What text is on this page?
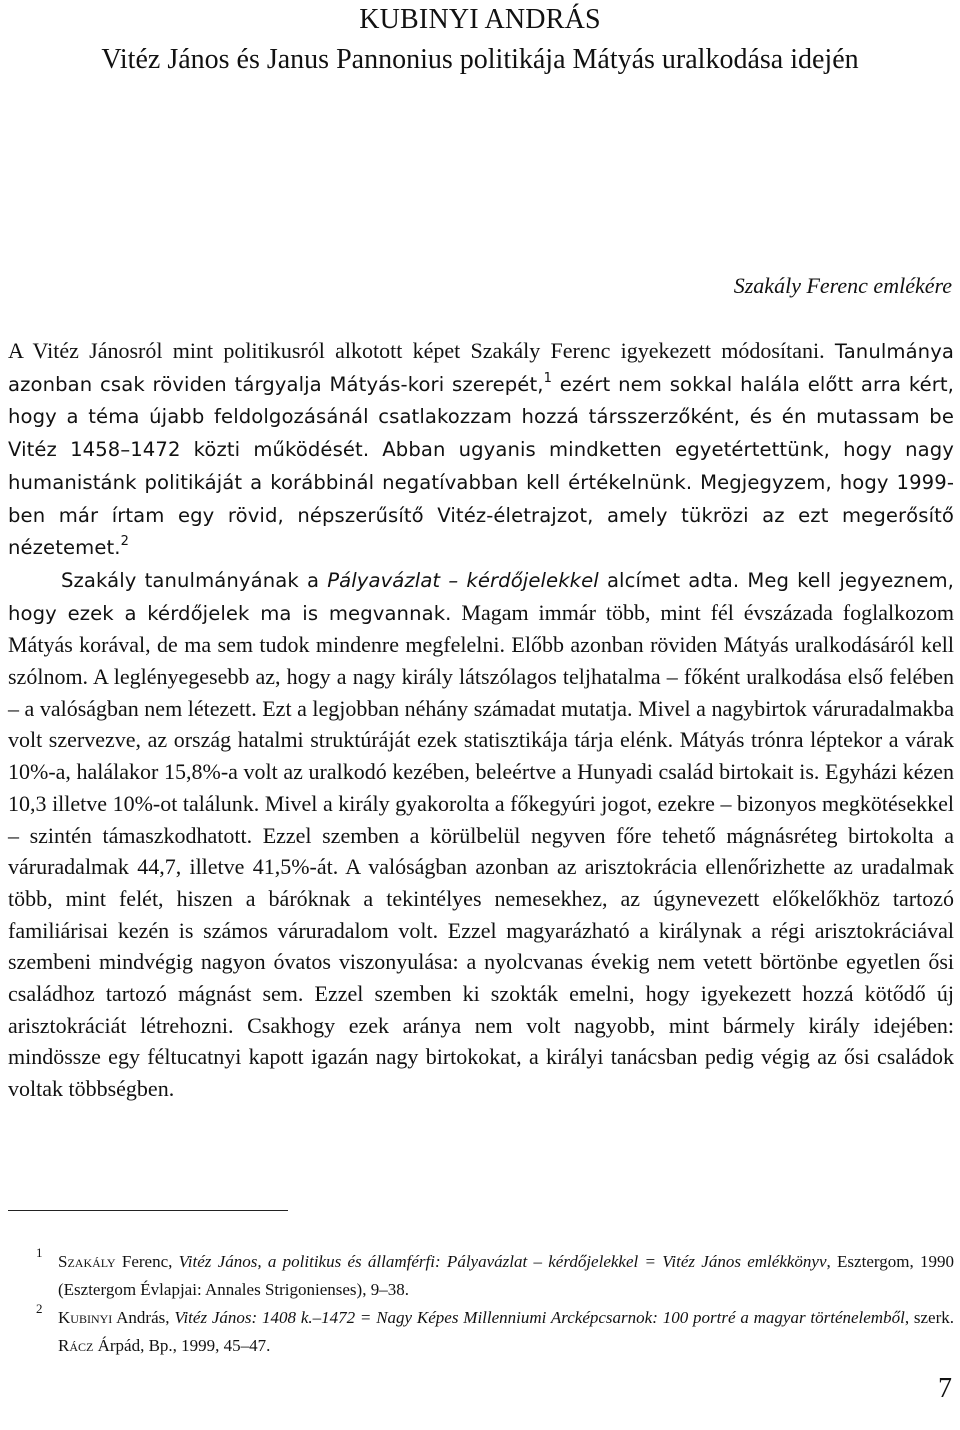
KUBINYI ANDRÁS
Vitéz János és Janus Pannonius politikája Mátyás uralkodása idején
Szakály Ferenc emlékére

A Vitéz Jánosról mint politikusról alkotott képet Szakály Ferenc igyekezett módosítani. Tanulmánya azonban csak röviden tárgyalja Mátyás-kori szerepét,$^1$ ezért nem sokkal halála előtt arra kért, hogy a téma újabb feldolgozásánál csatlakozzam hozzá társszerzőként, és én mutassam be Vitéz 1458–1472 közti működését. Abban ugyanis mindketten egyetértettünk, hogy nagy humanistánk politikáját a korábbinál negatívabban kell értékelnünk. Megjegyzem, hogy 1999-ben már írtam egy rövid, népszerűsítő Vitéz-életrajzot, amely tükrözi az ezt megerősítő nézetemet.$^2$

Szakály tanulmányának a Pályavázlat – kérdőjelekkel alcímet adta. Meg kell jegyeznem, hogy ezek a kérdőjelek ma is megvannak. Magam immár több, mint fél évszázada foglalkozom Mátyás korával, de ma sem tudok mindenre megfelelni. Előbb azonban röviden Mátyás uralkodásáról kell szólnom. A leglényegesebb az, hogy a nagy király látszólagos teljhatalma – főként uralkodása első felében – a valóságban nem létezett. Ezt a legjobban néhány számadat mutatja. Mivel a nagybirtok váruradalmakba volt szervezve, az ország hatalmi struktúráját ezek statisztikája tárja elénk. Mátyás trónra léptekor a várak 10%-a, halálakor 15,8%-a volt az uralkodó kezében, beleértve a Hunyadi család birtokait is. Egyházi kézen 10,3 illetve 10%-ot találunk. Mivel a király gyakorolta a főkegyúri jogot, ezekre – bizonyos megkötésekkel – szintén támaszkodhatott. Ezzel szemben a körülbelül negyven főre tehető mágnásréteg birtokolta a váruradalmak 44,7, illetve 41,5%-át. A valóságban azonban az arisztokrácia ellenőrizhette az uradalmak több, mint felét, hiszen a báróknak a tekintélyes nemesekhez, az úgynevezett előkelőkhöz tartozó familiárisai kezén is számos váruradalom volt. Ezzel magyarázható a királynak a régi arisztokráciával szembeni mindvégig nagyon óvatos viszonyulása: a nyolcvanas évekig nem vetett börtönbe egyetlen ősi családhoz tartozó mágnást sem. Ezzel szemben ki szokták emelni, hogy igyekezett hozzá kötődő új arisztokráciát létrehozni. Csakhogy ezek aránya nem volt nagyobb, mint bármely király idejében: mindössze egy féltucatnyi kapott igazán nagy birtokokat, a királyi tanácsban pedig végig az ősi családok voltak többségben.

1 Szakály Ferenc, Vitéz János, a politikus és államférfi: Pályavázlat – kérdőjelekkel = Vitéz János emlékkönyv, Esztergom, 1990 (Esztergom Évlapjai: Annales Strigonienses), 9–38.
2 Kubinyi András, Vitéz János: 1408 k.–1472 = Nagy Képes Millenniumi Arcképcsarnok: 100 portré a magyar történelemből, szerk. Rácz Árpád, Bp., 1999, 45–47.
7
